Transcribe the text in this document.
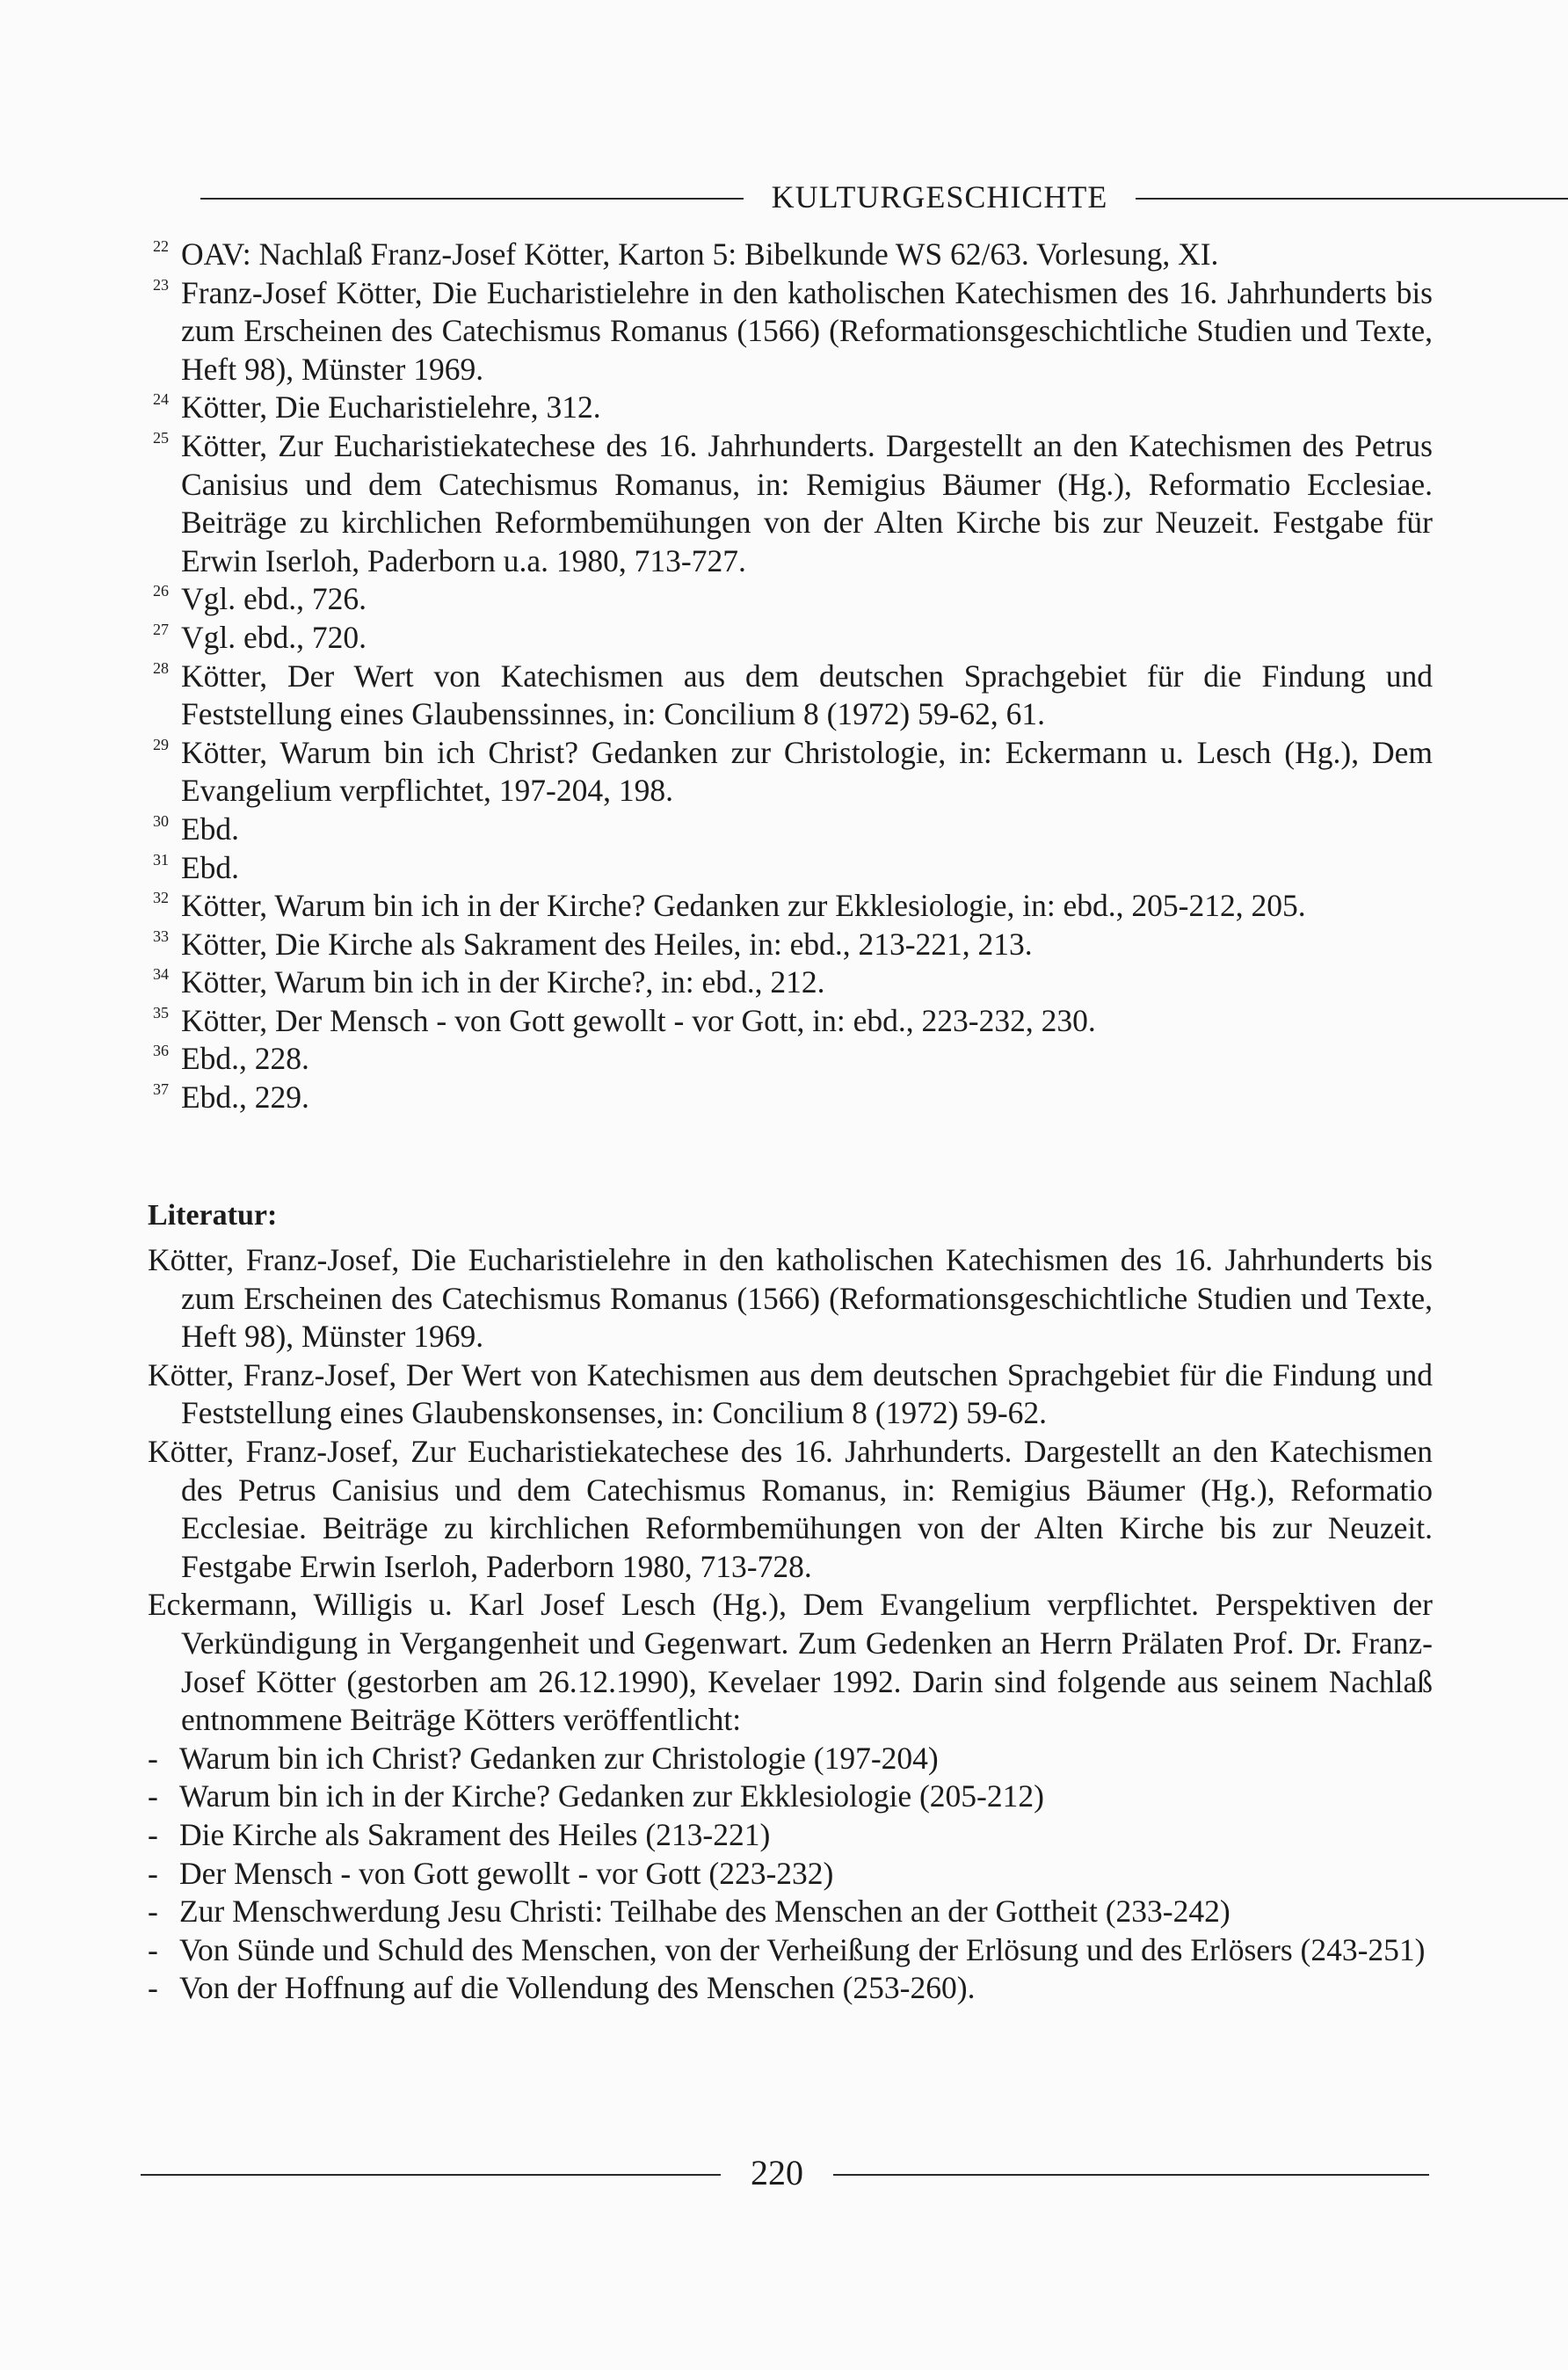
KULTURGESCHICHTE
22 OAV: Nachlaß Franz-Josef Kötter, Karton 5: Bibelkunde WS 62/63. Vorlesung, XI.
23 Franz-Josef Kötter, Die Eucharistielehre in den katholischen Katechismen des 16. Jahrhunderts bis zum Erscheinen des Catechismus Romanus (1566) (Reformationsgeschichtliche Studien und Texte, Heft 98), Münster 1969.
24 Kötter, Die Eucharistielehre, 312.
25 Kötter, Zur Eucharistiekatechese des 16. Jahrhunderts. Dargestellt an den Katechismen des Petrus Canisius und dem Catechismus Romanus, in: Remigius Bäumer (Hg.), Reformatio Ecclesiae. Beiträge zu kirchlichen Reformbemühungen von der Alten Kirche bis zur Neuzeit. Festgabe für Erwin Iserloh, Paderborn u.a. 1980, 713-727.
26 Vgl. ebd., 726.
27 Vgl. ebd., 720.
28 Kötter, Der Wert von Katechismen aus dem deutschen Sprachgebiet für die Findung und Feststellung eines Glaubenssinnes, in: Concilium 8 (1972) 59-62, 61.
29 Kötter, Warum bin ich Christ? Gedanken zur Christologie, in: Eckermann u. Lesch (Hg.), Dem Evangelium verpflichtet, 197-204, 198.
30 Ebd.
31 Ebd.
32 Kötter, Warum bin ich in der Kirche? Gedanken zur Ekklesiologie, in: ebd., 205-212, 205.
33 Kötter, Die Kirche als Sakrament des Heiles, in: ebd., 213-221, 213.
34 Kötter, Warum bin ich in der Kirche?, in: ebd., 212.
35 Kötter, Der Mensch - von Gott gewollt - vor Gott, in: ebd., 223-232, 230.
36 Ebd., 228.
37 Ebd., 229.
Literatur:
Kötter, Franz-Josef, Die Eucharistielehre in den katholischen Katechismen des 16. Jahrhunderts bis zum Erscheinen des Catechismus Romanus (1566) (Reformationsgeschichtliche Studien und Texte, Heft 98), Münster 1969.
Kötter, Franz-Josef, Der Wert von Katechismen aus dem deutschen Sprachgebiet für die Findung und Feststellung eines Glaubenskonsenses, in: Concilium 8 (1972) 59-62.
Kötter, Franz-Josef, Zur Eucharistiekatechese des 16. Jahrhunderts. Dargestellt an den Katechismen des Petrus Canisius und dem Catechismus Romanus, in: Remigius Bäumer (Hg.), Reformatio Ecclesiae. Beiträge zu kirchlichen Reformbemühungen von der Alten Kirche bis zur Neuzeit. Festgabe Erwin Iserloh, Paderborn 1980, 713-728.
Eckermann, Willigis u. Karl Josef Lesch (Hg.), Dem Evangelium verpflichtet. Perspektiven der Verkündigung in Vergangenheit und Gegenwart. Zum Gedenken an Herrn Prälaten Prof. Dr. Franz-Josef Kötter (gestorben am 26.12.1990), Kevelaer 1992. Darin sind folgende aus seinem Nachlaß entnommene Beiträge Kötters veröffentlicht:
- Warum bin ich Christ? Gedanken zur Christologie (197-204)
- Warum bin ich in der Kirche? Gedanken zur Ekklesiologie (205-212)
- Die Kirche als Sakrament des Heiles (213-221)
- Der Mensch - von Gott gewollt - vor Gott (223-232)
- Zur Menschwerdung Jesu Christi: Teilhabe des Menschen an der Gottheit (233-242)
- Von Sünde und Schuld des Menschen, von der Verheißung der Erlösung und des Erlösers (243-251)
- Von der Hoffnung auf die Vollendung des Menschen (253-260).
220
